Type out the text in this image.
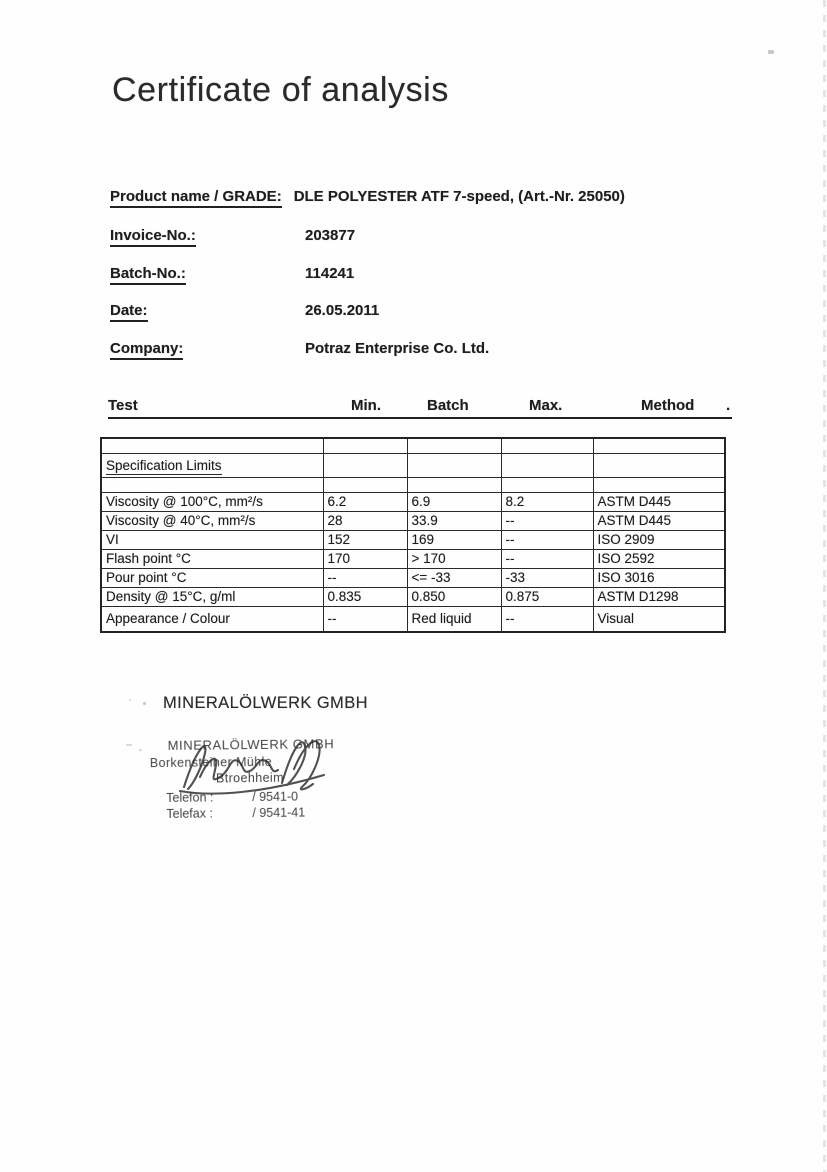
Certificate of analysis
Product name / GRADE: DLE POLYESTER ATF 7-speed, (Art.-Nr. 25050)
Invoice-No.:	203877
Batch-No.:	114241
Date:	26.05.2011
Company:	Potraz Enterprise Co. Ltd.
Test	Min.	Batch	Max.	Method .

Specification Limits				

Viscosity @ 100°C, mm²/s	6.2	6.9	8.2	ASTM D445
Viscosity @ 40°C, mm²/s	28	33.9	--	ASTM D445
VI	152	169	--	ISO 2909
Flash point °C	170	> 170	--	ISO 2592
Pour point °C	--	<= -33	-33	ISO 3016
Density @ 15°C, g/ml	0.835	0.850	0.875	ASTM D1298
Appearance / Colour	--	Red liquid	--	Visual
MINERALÖLWERK GMBH
MINERALÖLWERK GMBH
Borkensteiner Mühle
Btroehheim
Telefon :	/ 9541-0
Telefax :	/ 9541-41
